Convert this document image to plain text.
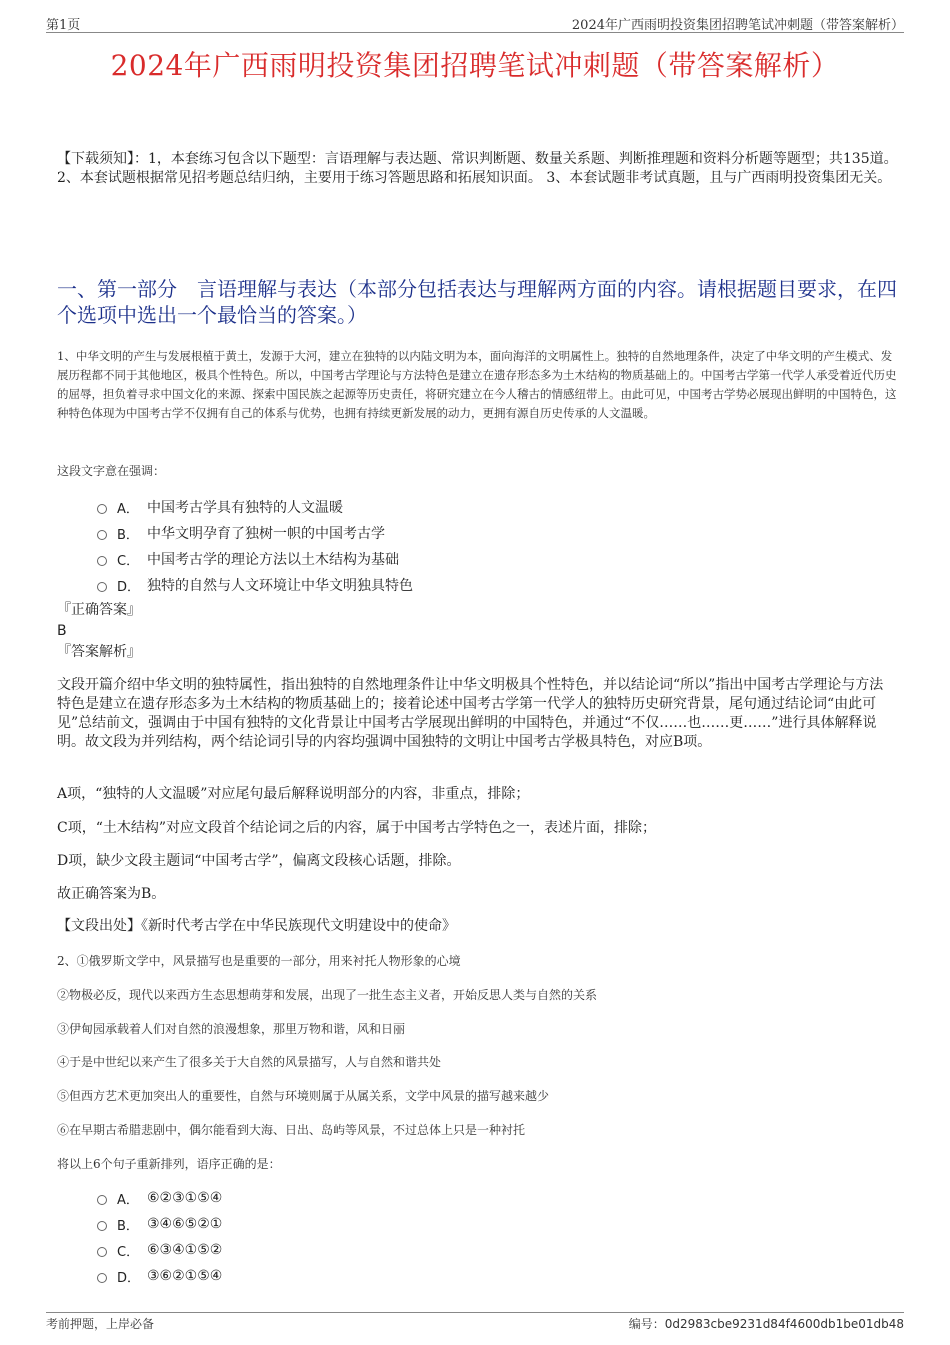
第1页	2024年广西雨明投资集团招聘笔试冲刺题（带答案解析）
2024年广西雨明投资集团招聘笔试冲刺题（带答案解析）
【下载须知】：1，本套练习包含以下题型：言语理解与表达题、常识判断题、数量关系题、判断推理题和资料分析题等题型；共135道。 2、本套试题根据常见招考题总结归纳，主要用于练习答题思路和拓展知识面。 3、本套试题非考试真题，且与广西雨明投资集团无关。
一、第一部分　言语理解与表达（本部分包括表达与理解两方面的内容。请根据题目要求，在四个选项中选出一个最恰当的答案。）
1、中华文明的产生与发展根植于黄土，发源于大河，建立在独特的以内陆文明为本，面向海洋的文明属性上。独特的自然地理条件，决定了中华文明的产生模式、发展历程都不同于其他地区，极具个性特色。所以，中国考古学理论与方法特色是建立在遗存形态多为土木结构的物质基础上的。中国考古学第一代学人承受着近代历史的屈辱，担负着寻求中国文化的来源、探索中国民族之起源等历史责任，将研究建立在今人稽古的情感纽带上。由此可见，中国考古学势必展现出鲜明的中国特色，这种特色体现为中国考古学不仅拥有自己的体系与优势，也拥有持续更新发展的动力，更拥有源自历史传承的人文温暖。
这段文字意在强调：
A． 中国考古学具有独特的人文温暖
B． 中华文明孕育了独树一帜的中国考古学
C． 中国考古学的理论方法以土木结构为基础
D． 独特的自然与人文环境让中华文明独具特色
『正确答案』
B
『答案解析』
文段开篇介绍中华文明的独特属性，指出独特的自然地理条件让中华文明极具个性特色，并以结论词“所以”指出中国考古学理论与方法特色是建立在遗存形态多为土木结构的物质基础上的；接着论述中国考古学第一代学人的独特历史研究背景，尾句通过结论词“由此可见”总结前文，强调由于中国有独特的文化背景让中国考古学展现出鲜明的中国特色，并通过“不仅……也……更……”进行具体解释说明。故文段为并列结构，两个结论词引导的内容均强调中国独特的文明让中国考古学极具特色，对应B项。
A项，“独特的人文温暖”对应尾句最后解释说明部分的内容，非重点，排除；
C项，“土木结构”对应文段首个结论词之后的内容，属于中国考古学特色之一，表述片面，排除；
D项，缺少文段主题词“中国考古学”，偏离文段核心话题，排除。
故正确答案为B。
【文段出处】《新时代考古学在中华民族现代文明建设中的使命》
2、①俄罗斯文学中，风景描写也是重要的一部分，用来衬托人物形象的心境
②物极必反，现代以来西方生态思想萌芽和发展，出现了一批生态主义者，开始反思人类与自然的关系
③伊甸园承载着人们对自然的浪漫想象，那里万物和谐，风和日丽
④于是中世纪以来产生了很多关于大自然的风景描写，人与自然和谐共处
⑤但西方艺术更加突出人的重要性，自然与环境则属于从属关系，文学中风景的描写越来越少
⑥在早期古希腊悲剧中，偶尔能看到大海、日出、岛屿等风景，不过总体上只是一种衬托
将以上6个句子重新排列，语序正确的是：
A． ⑥②③①⑤④
B． ③④⑥⑤②①
C． ⑥③④①⑤②
D． ③⑥②①⑤④
考前押题，上岸必备	编号：0d2983cbe9231d84f4600db1be01db48
